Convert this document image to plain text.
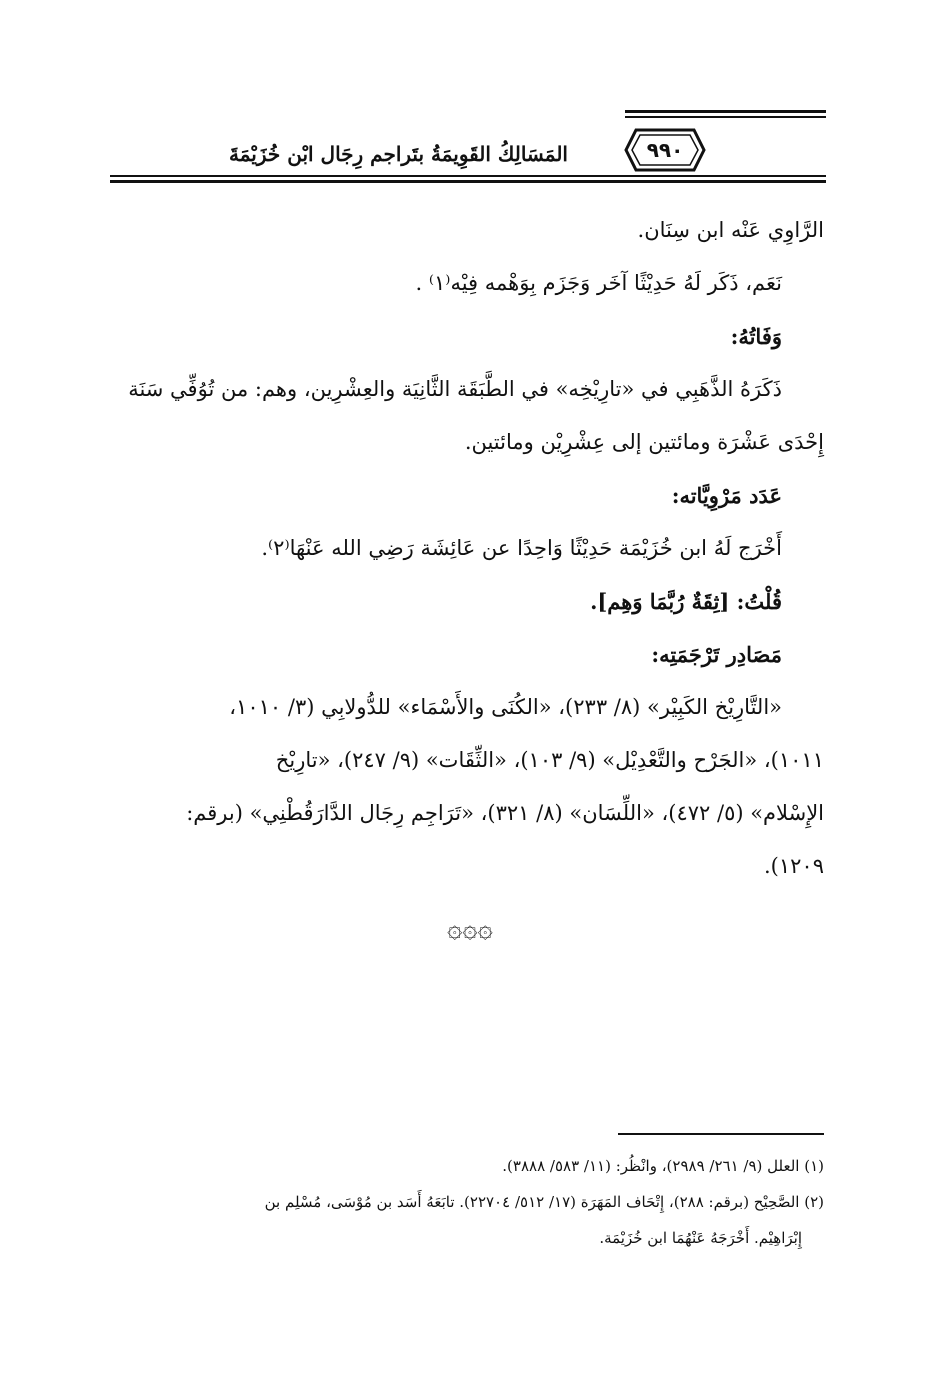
٩٩٠
المَسَالِكُ القَوِيمَةُ بتَراجم رِجَال ابْن خُزَيْمَةَ

الرَّاوِي عَنْه ابن سِنَان.

نَعَم، ذَكَر لَهُ حَدِيْثًا آخَر وَجَزَم بِوَهْمه فِيْه⁽١⁾ .

وَفَاتُهُ:

ذَكَرَهُ الذَّهَبِي في «تارِيْخِه» في الطَّبَقَة الثَّانِيَة والعِشْرِين، وهم: من تُوُفِّي سَنَة

إِحْدَى عَشْرَة ومائتين إلى عِشْرِيْن ومائتين.

عَدَد مَرْوِيَّاته:

أَخْرَج لَهُ ابن خُزَيْمَة حَدِيْثًا وَاحِدًا عن عَائِشَة رَضِي الله عَنْهَا⁽٢⁾.

قُلْتُ: [ثِقَةٌ رُبَّمَا وَهِم].

مَصَادِر تَرْجَمَتِه:

«التَّارِيْخ الكَبِيْر» (٨/ ٢٣٣)، «الكُنَى والأَسْمَاء» للدُّولابِي (٣/ ١٠١٠،

١٠١١)، «الجَرْح والتَّعْدِيْل» (٩/ ١٠٣)، «الثِّقَات» (٩/ ٢٤٧)، «تارِيْخ

الإِسْلام» (٥/ ٤٧٢)، «اللِّسَان» (٨/ ٣٢١)، «تَرَاجِم رِجَال الدَّارَقُطْنِي» (برقم:

١٢٠٩).

۞۞۞

(١) العلل (٩/ ٢٦١/ ٢٩٨٩)، وانْظُر: (١١/ ٥٨٣/ ٣٨٨٨).

(٢) الصَّحِيْح (برقم: ٢٨٨)، إِتْحَاف المَهَرَة (١٧/ ٥١٢/ ٢٢٧٠٤). تابَعَهُ أَسَد بن مُوْسَى، مُسْلِم بن

إِبْرَاهِيْم. أَخْرَجَهُ عَنْهُمَا ابن خُزَيْمَة.
